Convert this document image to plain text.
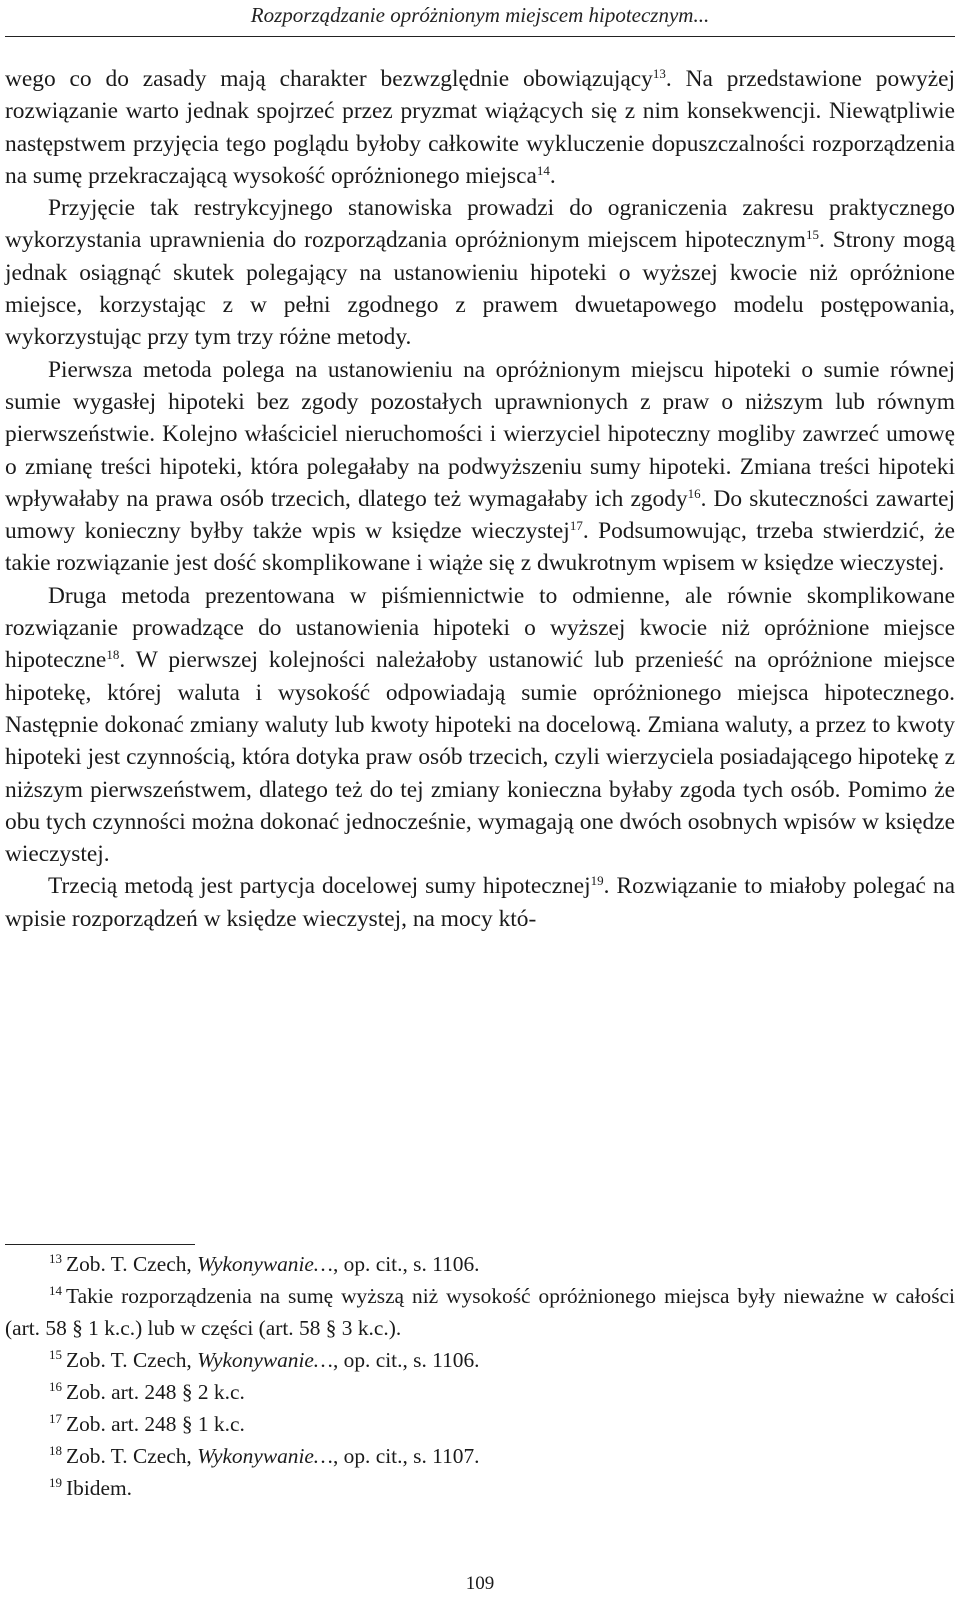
Rozporządzanie opróżnionym miejscem hipotecznym...

wego co do zasady mają charakter bezwzględnie obowiązujący$^{13}$. Na przedstawione powyżej rozwiązanie warto jednak spojrzeć przez pryzmat wiążących się z nim konsekwencji. Niewątpliwie następstwem przyjęcia tego poglądu byłoby całkowite wykluczenie dopuszczalności rozporządzenia na sumę przekraczającą wysokość opróżnionego miejsca$^{14}$.

Przyjęcie tak restrykcyjnego stanowiska prowadzi do ograniczenia zakresu praktycznego wykorzystania uprawnienia do rozporządzania opróżnionym miejscem hipotecznym$^{15}$. Strony mogą jednak osiągnąć skutek polegający na ustanowieniu hipoteki o wyższej kwocie niż opróżnione miejsce, korzystając z w pełni zgodnego z prawem dwuetapowego modelu postępowania, wykorzystując przy tym trzy różne metody.

Pierwsza metoda polega na ustanowieniu na opróżnionym miejscu hipoteki o sumie równej sumie wygasłej hipoteki bez zgody pozostałych uprawnionych z praw o niższym lub równym pierwszeństwie. Kolejno właściciel nieruchomości i wierzyciel hipoteczny mogliby zawrzeć umowę o zmianę treści hipoteki, która polegałaby na podwyższeniu sumy hipoteki. Zmiana treści hipoteki wpływałaby na prawa osób trzecich, dlatego też wymagałaby ich zgody$^{16}$. Do skuteczności zawartej umowy konieczny byłby także wpis w księdze wieczystej$^{17}$. Podsumowując, trzeba stwierdzić, że takie rozwiązanie jest dość skomplikowane i wiąże się z dwukrotnym wpisem w księdze wieczystej.

Druga metoda prezentowana w piśmiennictwie to odmienne, ale równie skomplikowane rozwiązanie prowadzące do ustanowienia hipoteki o wyższej kwocie niż opróżnione miejsce hipoteczne$^{18}$. W pierwszej kolejności należałoby ustanowić lub przenieść na opróżnione miejsce hipotekę, której waluta i wysokość odpowiadają sumie opróżnionego miejsca hipotecznego. Następnie dokonać zmiany waluty lub kwoty hipoteki na docelową. Zmiana waluty, a przez to kwoty hipoteki jest czynnością, która dotyka praw osób trzecich, czyli wierzyciela posiadającego hipotekę z niższym pierwszeństwem, dlatego też do tej zmiany konieczna byłaby zgoda tych osób. Pomimo że obu tych czynności można dokonać jednocześnie, wymagają one dwóch osobnych wpisów w księdze wieczystej.

Trzecią metodą jest partycja docelowej sumy hipotecznej$^{19}$. Rozwiązanie to miałoby polegać na wpisie rozporządzeń w księdze wieczystej, na mocy któ-

$^{13}$ Zob. T. Czech, Wykonywanie…, op. cit., s. 1106.

$^{14}$ Takie rozporządzenia na sumę wyższą niż wysokość opróżnionego miejsca były nieważne w całości (art. 58 § 1 k.c.) lub w części (art. 58 § 3 k.c.).

$^{15}$ Zob. T. Czech, Wykonywanie…, op. cit., s. 1106.

$^{16}$ Zob. art. 248 § 2 k.c.

$^{17}$ Zob. art. 248 § 1 k.c.

$^{18}$ Zob. T. Czech, Wykonywanie…, op. cit., s. 1107.

$^{19}$ Ibidem.

109
